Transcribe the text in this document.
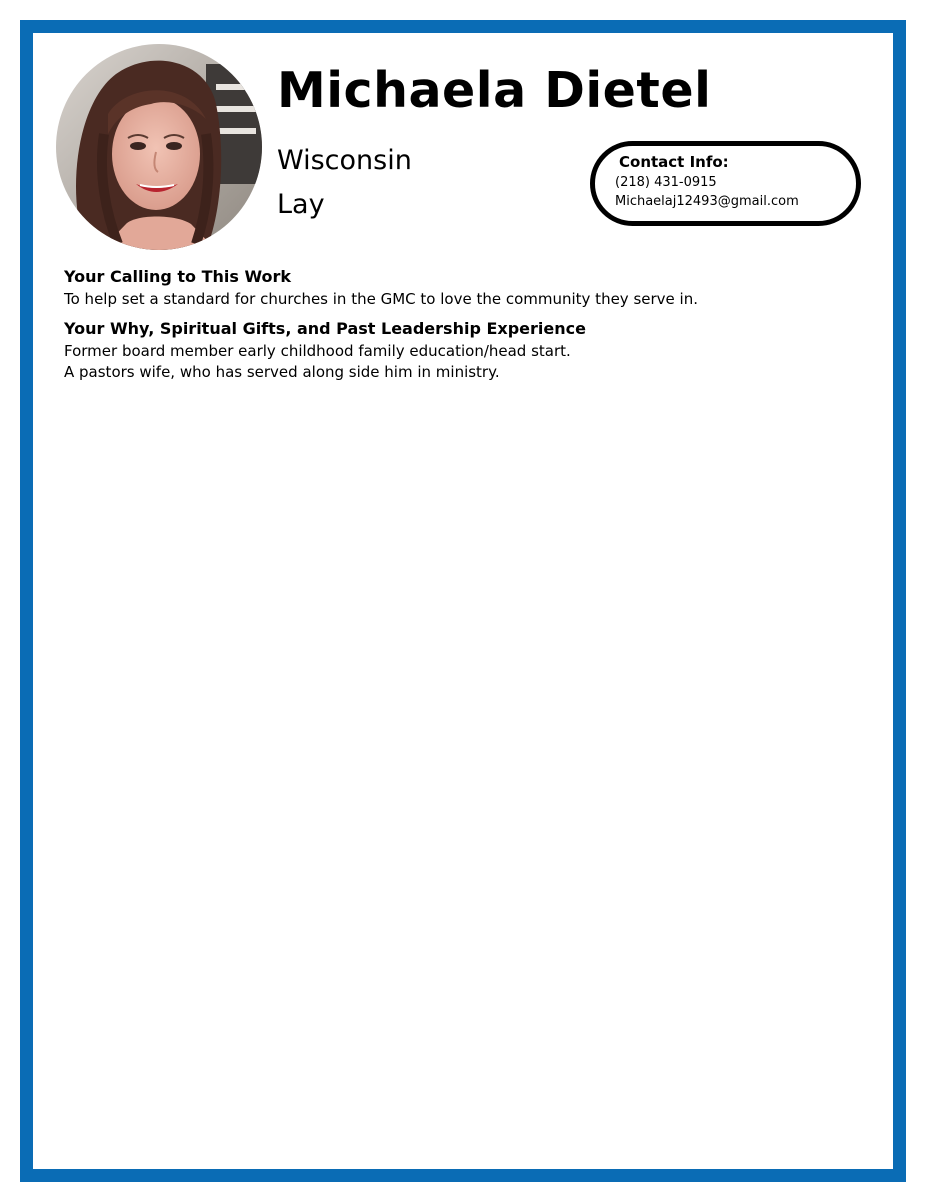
Michaela Dietel
Wisconsin
Lay
Contact Info:
(218) 431-0915
Michaelaj12493@gmail.com
Your Calling to This Work

To help set a standard for churches in the GMC to love the community they serve in.

Your Why, Spiritual Gifts, and Past Leadership Experience

Former board member early childhood family education/head start.

A pastors wife, who has served along side him in ministry.
